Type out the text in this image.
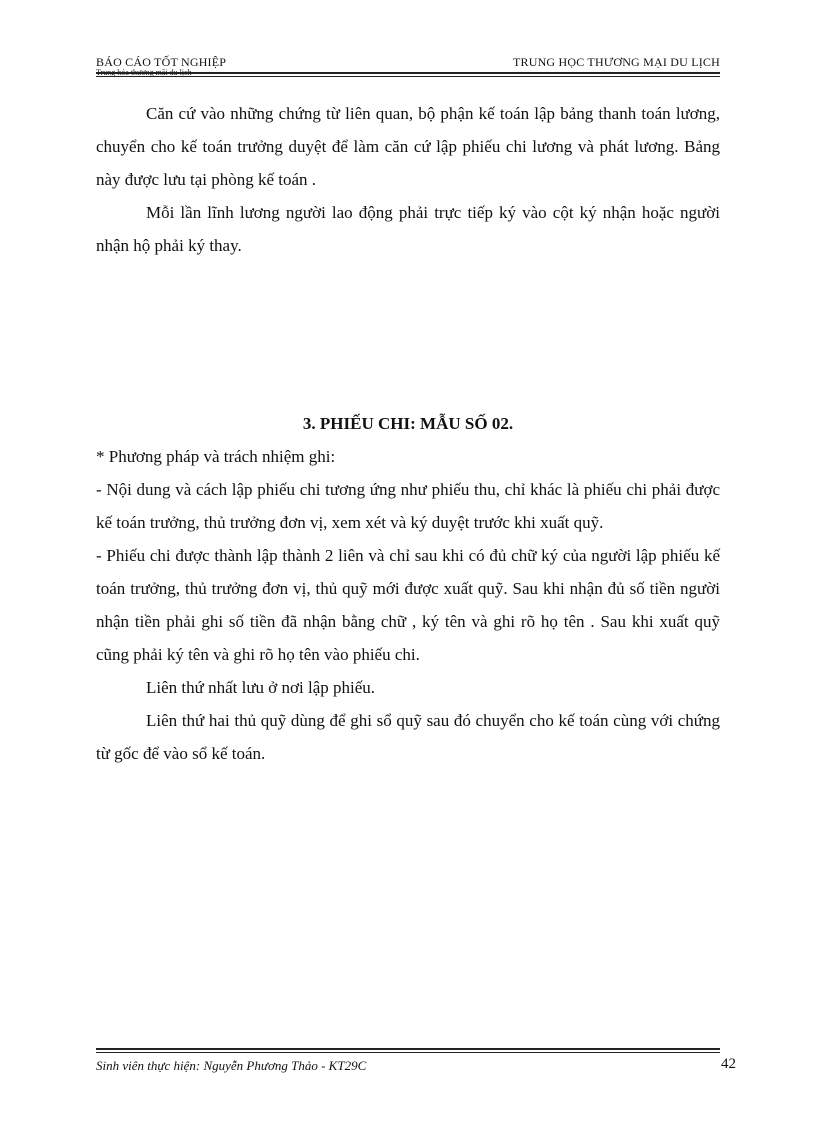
BÁO CÁO TỐT NGHIỆP	TRUNG HỌC THƯƠNG MẠI DU LỊCH

Căn cứ vào những chứng từ liên quan, bộ phận kế toán lập bảng thanh toán lương, chuyển cho kế toán trưởng duyệt để làm căn cứ lập phiếu chi lương và phát lương. Bảng này được lưu tại phòng kế toán .

Mỗi lần lĩnh lương người lao động phải trực tiếp ký vào cột ký nhận hoặc người nhận hộ phải ký thay.

3. PHIẾU CHI: MẪU SỐ 02.

* Phương pháp và trách nhiệm ghi:

- Nội dung và cách lập phiếu chi tương ứng như phiếu thu, chỉ khác là phiếu chi phải được kế toán trưởng, thủ trưởng đơn vị, xem xét và ký duyệt trước khi xuất quỹ.

- Phiếu chi được thành lập thành 2 liên và chỉ sau khi có đủ chữ ký của người lập phiếu kế toán trưởng, thủ trưởng đơn vị, thủ quỹ mới được xuất quỹ. Sau khi nhận đủ số tiền người nhận tiền phải ghi số tiền đã nhận bằng chữ , ký tên và ghi rõ họ tên . Sau khi xuất quỹ cũng phải ký tên và ghi rõ họ tên vào phiếu chi.

Liên thứ nhất lưu ở nơi lập phiếu.

Liên thứ hai thủ quỹ dùng để ghi sổ quỹ sau đó chuyển cho kế toán cùng với chứng từ gốc để vào sổ kế toán.

Sinh viên thực hiện: Nguyễn Phương Thảo - KT29C	42
